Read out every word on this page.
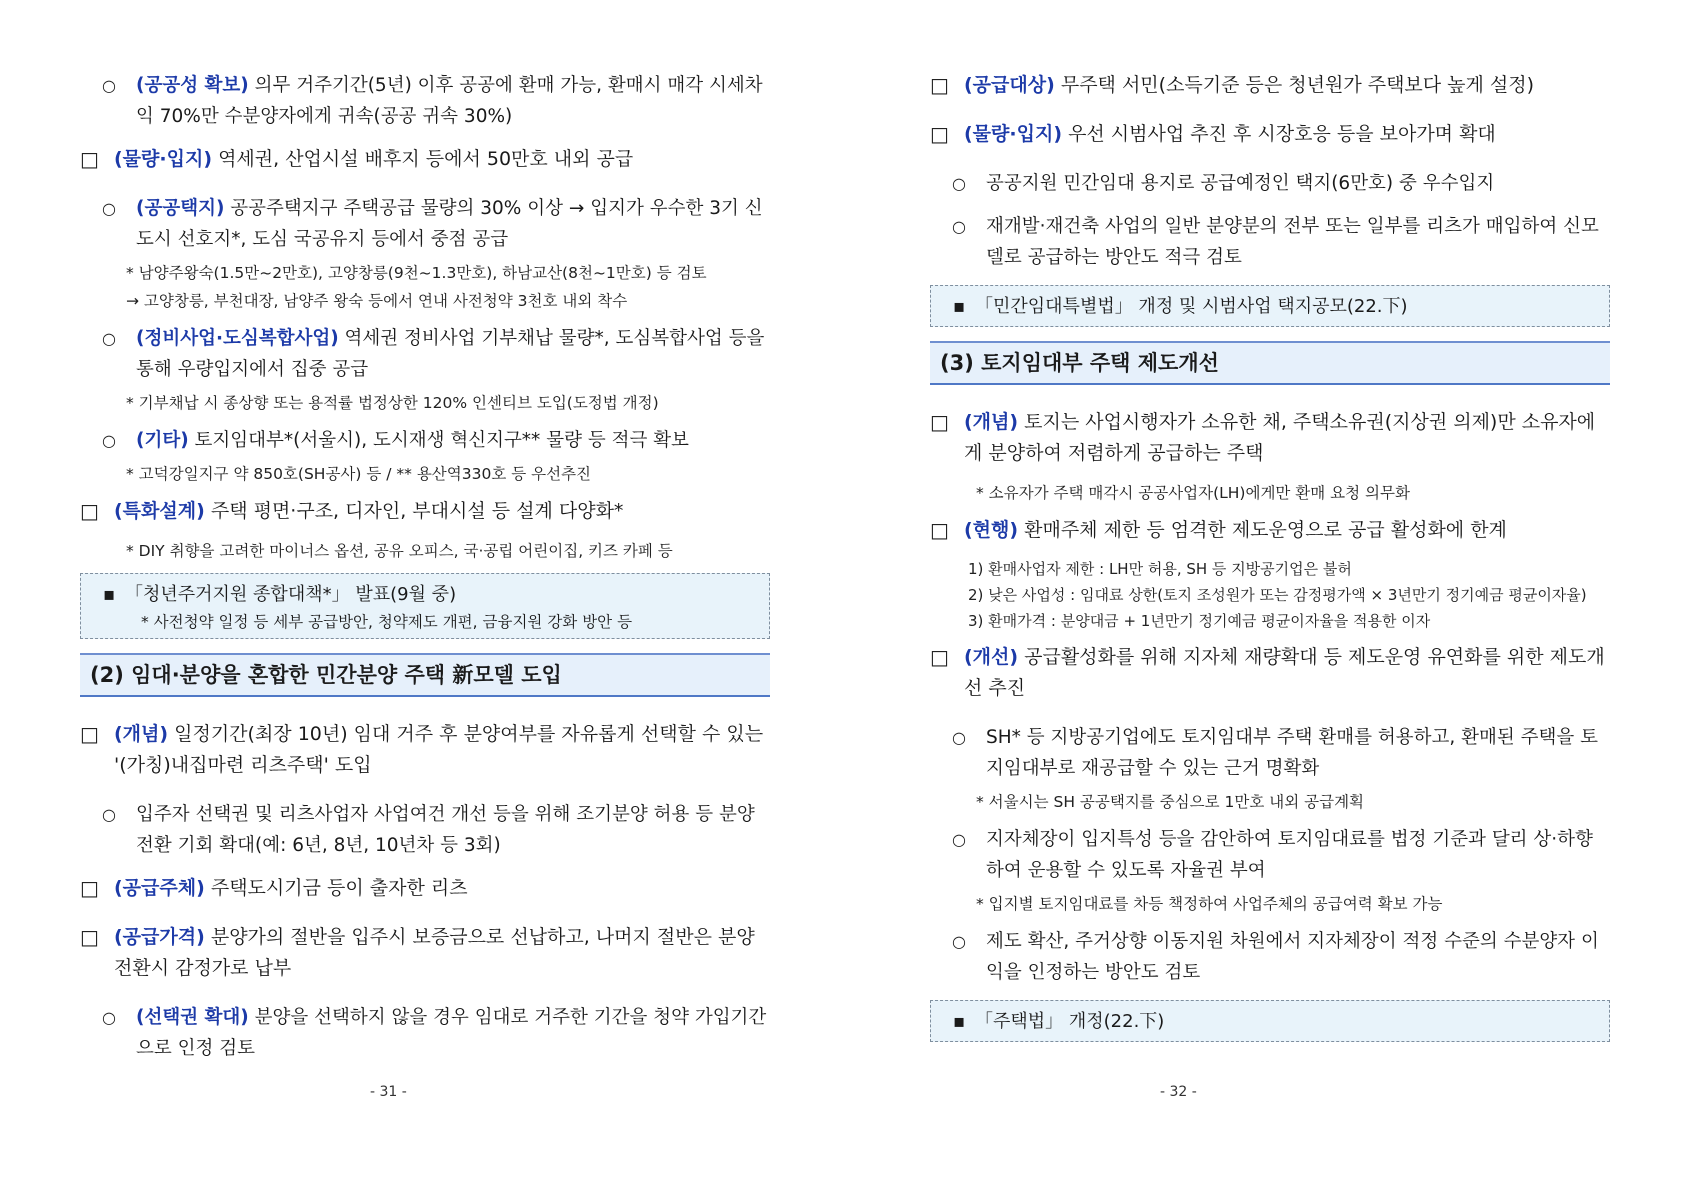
○ (공공성 확보) 의무 거주기간(5년) 이후 공공에 환매 가능, 환매시 매각 시세차익 70%만 수분양자에게 귀속(공공 귀속 30%)
□ (물량·입지) 역세권, 산업시설 배후지 등에서 50만호 내외 공급
○ (공공택지) 공공주택지구 주택공급 물량의 30% 이상 → 입지가 우수한 3기 신도시 선호지*, 도심 국공유지 등에서 중점 공급
* 남양주왕숙(1.5만~2만호), 고양창릉(9천~1.3만호), 하남교산(8천~1만호) 등 검토
→ 고양창릉, 부천대장, 남양주 왕숙 등에서 연내 사전청약 3천호 내외 착수
○ (정비사업·도심복합사업) 역세권 정비사업 기부채납 물량*, 도심복합사업 등을 통해 우량입지에서 집중 공급
* 기부채납 시 종상향 또는 용적률 법정상한 120% 인센티브 도입(도정법 개정)
○ (기타) 토지임대부*(서울시), 도시재생 혁신지구** 물량 등 적극 확보
* 고덕강일지구 약 850호(SH공사) 등 / ** 용산역330호 등 우선추진
□ (특화설계) 주택 평면·구조, 디자인, 부대시설 등 설계 다양화*
* DIY 취향을 고려한 마이너스 옵션, 공유 오피스, 국·공립 어린이집, 키즈 카페 등
▪ 「청년주거지원 종합대책*」 발표(9월 중)
* 사전청약 일정 등 세부 공급방안, 청약제도 개편, 금융지원 강화 방안 등
(2) 임대·분양을 혼합한 민간분양 주택 新모델 도입
□ (개념) 일정기간(최장 10년) 임대 거주 후 분양여부를 자유롭게 선택할 수 있는 '(가칭)내집마련 리츠주택' 도입
○ 입주자 선택권 및 리츠사업자 사업여건 개선 등을 위해 조기분양 허용 등 분양전환 기회 확대(예: 6년, 8년, 10년차 등 3회)
□ (공급주체) 주택도시기금 등이 출자한 리츠
□ (공급가격) 분양가의 절반을 입주시 보증금으로 선납하고, 나머지 절반은 분양 전환시 감정가로 납부
○ (선택권 확대) 분양을 선택하지 않을 경우 임대로 거주한 기간을 청약 가입기간으로 인정 검토
- 31 -
□ (공급대상) 무주택 서민(소득기준 등은 청년원가 주택보다 높게 설정)
□ (물량·입지) 우선 시범사업 추진 후 시장호응 등을 보아가며 확대
○ 공공지원 민간임대 용지로 공급예정인 택지(6만호) 중 우수입지
○ 재개발·재건축 사업의 일반 분양분의 전부 또는 일부를 리츠가 매입하여 신모델로 공급하는 방안도 적극 검토
▪ 「민간임대특별법」 개정 및 시범사업 택지공모(22.下)
(3) 토지임대부 주택 제도개선
□ (개념) 토지는 사업시행자가 소유한 채, 주택소유권(지상권 의제)만 소유자에게 분양하여 저렴하게 공급하는 주택
* 소유자가 주택 매각시 공공사업자(LH)에게만 환매 요청 의무화
□ (현행) 환매주체 제한 등 엄격한 제도운영으로 공급 활성화에 한계
1) 환매사업자 제한 : LH만 허용, SH 등 지방공기업은 불허
2) 낮은 사업성 : 임대료 상한(토지 조성원가 또는 감정평가액 × 3년만기 정기예금 평균이자율)
3) 환매가격 : 분양대금 + 1년만기 정기예금 평균이자율을 적용한 이자
□ (개선) 공급활성화를 위해 지자체 재량확대 등 제도운영 유연화를 위한 제도개선 추진
○ SH* 등 지방공기업에도 토지임대부 주택 환매를 허용하고, 환매된 주택을 토지임대부로 재공급할 수 있는 근거 명확화
* 서울시는 SH 공공택지를 중심으로 1만호 내외 공급계획
○ 지자체장이 입지특성 등을 감안하여 토지임대료를 법정 기준과 달리 상·하향 하여 운용할 수 있도록 자율권 부여
* 입지별 토지임대료를 차등 책정하여 사업주체의 공급여력 확보 가능
○ 제도 확산, 주거상향 이동지원 차원에서 지자체장이 적정 수준의 수분양자 이익을 인정하는 방안도 검토
▪ 「주택법」 개정(22.下)
- 32 -
